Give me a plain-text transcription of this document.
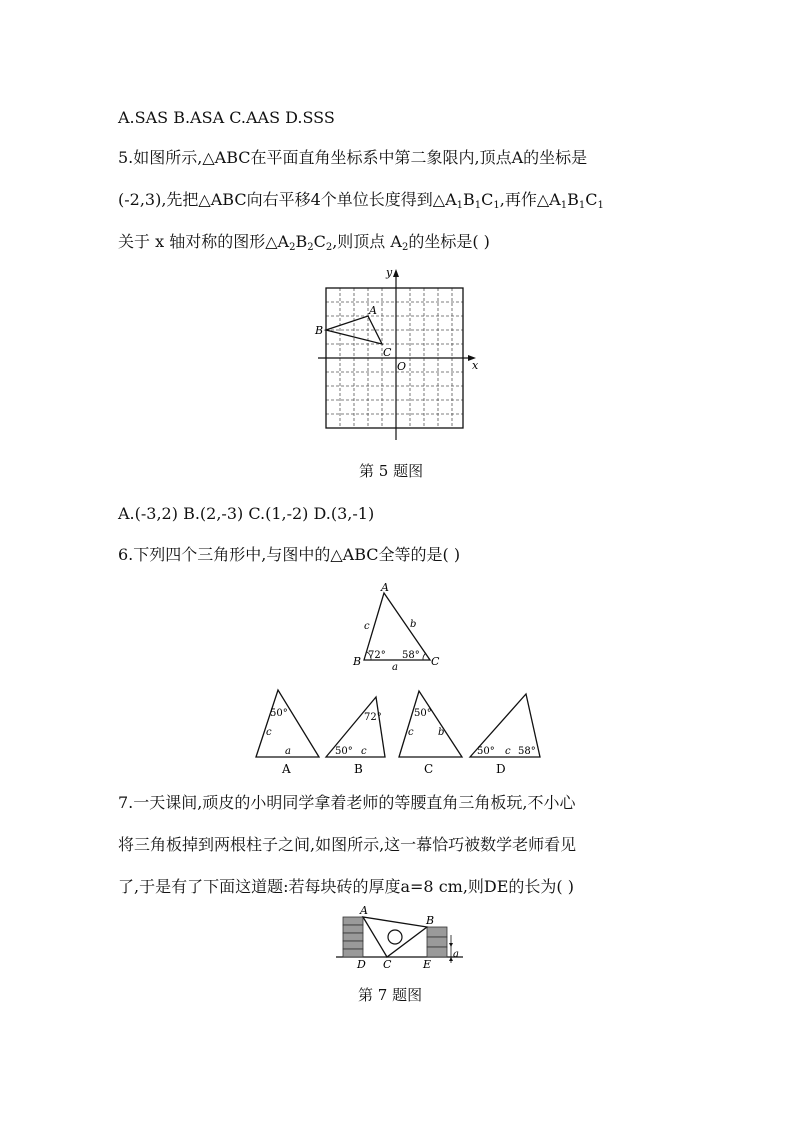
A.SAS B.ASA C.AAS D.SSS
5.如图所示,△ABC在平面直角坐标系中第二象限内,顶点A的坐标是
(-2,3),先把△ABC向右平移4个单位长度得到$\triangle A_1B_1C_1$,再作$\triangle A_1B_1C_1$
关于 x 轴对称的图形$\triangle A_2B_2C_2$,则顶点 $A_2$的坐标是( )
A
B
C
O	x
y
第 5 题图
A.(-3,2) B.(2,-3) C.(1,-2) D.(3,-1)
6.下列四个三角形中,与图中的△ABC全等的是( )
A
B	C
c	b
a
72° 58°
50°
c
a
A
72°
50° c
B
50°
c b
C
50° c 58°
D
7.一天课间,顽皮的小明同学拿着老师的等腰直角三角板玩,不小心
将三角板掉到两根柱子之间,如图所示,这一幕恰巧被数学老师看见
了,于是有了下面这道题:若每块砖的厚度a=8 cm,则DE的长为( )
A
B
C
D	E
a
第 7 题图
